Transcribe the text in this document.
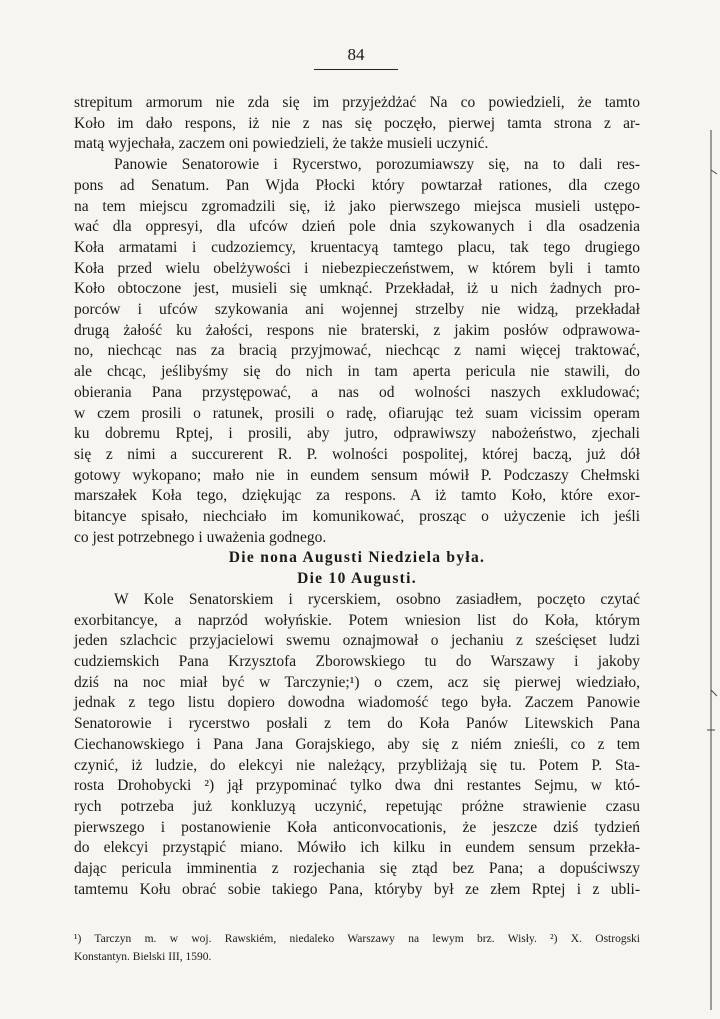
84
strepitum armorum nie zda się im przyjeżdżać Na co powiedzieli, że tamto
Koło im dało respons, iż nie z nas się poczęło, pierwej tamta strona z ar-
matą wyjechała, zaczem oni powiedzieli, że także musieli uczynić.
Panowie Senatorowie i Rycerstwo, porozumiawszy się, na to dali res-
pons ad Senatum. Pan Wjda Płocki który powtarzał rationes, dla czego
na tem miejscu zgromadzili się, iż jako pierwszego miejsca musieli ustępo-
wać dla oppresyi, dla ufców dzień pole dnia szykowanych i dla osadzenia
Koła armatami i cudzoziemcy, kruentacyą tamtego placu, tak tego drugiego
Koła przed wielu obelżywości i niebezpieczeństwem, w którem byli i tamto
Koło obtoczone jest, musieli się umknąć. Przekładał, iż u nich żadnych pro-
porców i ufców szykowania ani wojennej strzelby nie widzą, przekładał
drugą żałość ku żałości, respons nie braterski, z jakim posłów odprawowa-
no, niechcąc nas za bracią przyjmować, niechcąc z nami więcej traktować,
ale chcąc, jeślibyśmy się do nich in tam aperta pericula nie stawili, do
obierania Pana przystępować, a nas od wolności naszych exkludować;
w czem prosili o ratunek, prosili o radę, ofiarując też suam vicissim operam
ku dobremu Rptej, i prosili, aby jutro, odprawiwszy nabożeństwo, zjechali
się z nimi a succurerent R. P. wolności pospolitej, której baczą, już dół
gotowy wykopano; mało nie in eundem sensum mówił P. Podczaszy Chełmski
marszałek Koła tego, dziękując za respons. A iż tamto Koło, które exor-
bitancye spisało, niechciało im komunikować, prosząc o użyczenie ich jeśli
co jest potrzebnego i uważenia godnego.
Die nona Augusti Niedziela była.
Die 10 Augusti.
W Kole Senatorskiem i rycerskiem, osobno zasiadłem, poczęto czytać
exorbitancye, a naprzód wołyńskie. Potem wniesion list do Koła, którym
jeden szlachcic przyjacielowi swemu oznajmował o jechaniu z sześcięset ludzi
cudziemskich Pana Krzysztofa Zborowskiego tu do Warszawy i jakoby
dziś na noc miał być w Tarczynie;¹) o czem, acz się pierwej wiedziało,
jednak z tego listu dopiero dowodna wiadomość tego była. Zaczem Panowie
Senatorowie i rycerstwo posłali z tem do Koła Panów Litewskich Pana
Ciechanowskiego i Pana Jana Gorajskiego, aby się z niém znieśli, co z tem
czynić, iż ludzie, do elekcyi nie należący, przybliżają się tu. Potem P. Sta-
rosta Drohobycki ²) jął przypominać tylko dwa dni restantes Sejmu, w któ-
rych potrzeba już konkluzyą uczynić, repetując próżne strawienie czasu
pierwszego i postanowienie Koła anticonvocationis, że jeszcze dziś tydzień
do elekcyi przystąpić miano. Mówiło ich kilku in eundem sensum przekła-
dając pericula imminentia z rozjechania się ztąd bez Pana; a dopuściwszy
tamtemu Kołu obrać sobie takiego Pana, któryby był ze złem Rptej i z ubli-
¹) Tarczyn m. w woj. Rawskiém, niedaleko Warszawy na lewym brz. Wisły. ²) X. Ostrogski
Konstantyn. Bielski III, 1590.
